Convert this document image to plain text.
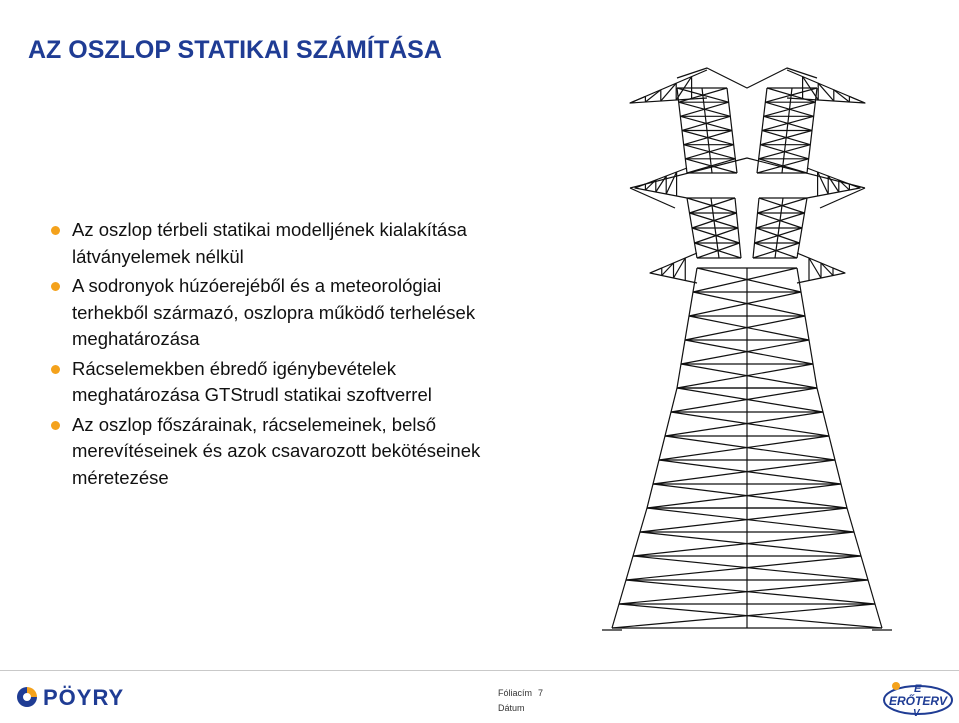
AZ OSZLOP STATIKAI SZÁMÍTÁSA
Az oszlop térbeli statikai modelljének kialakítása látványelemek nélkül
A sodronyok húzóerejéből és a meteorológiai terhekből származó, oszlopra működő terhelések meghatározása
Rácselemekben ébredő igénybevételek meghatározása GTStrudl statikai szoftverrel
Az oszlop főszárainak, rácselemeinek, belső merevítéseinek és azok csavarozott bekötéseinek méretezése
PÖYRY	Fóliacím
Dátum
7	E
ERŐTERV
V
